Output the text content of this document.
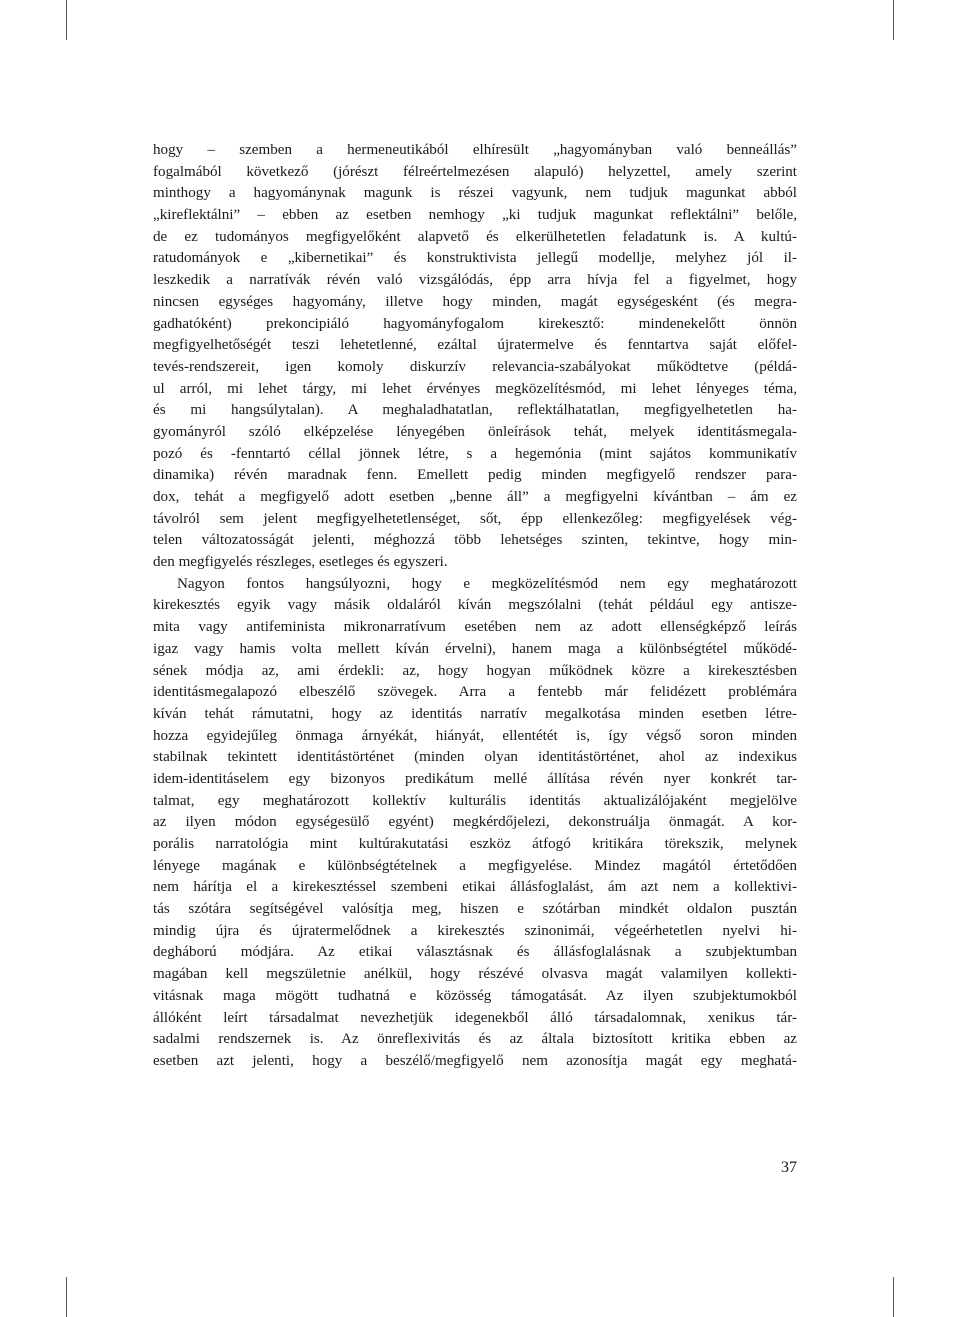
hogy – szemben a hermeneutikából elhíresült „hagyományban való benneállás”
fogalmából következő (jórészt félreértelmezésen alapuló) helyzettel, amely szerint
minthogy a hagyománynak magunk is részei vagyunk, nem tudjuk magunkat abból
„kireflektálni” – ebben az esetben nemhogy „ki tudjuk magunkat reflektálni” belőle,
de ez tudományos megfigyelőként alapvető és elkerülhetetlen feladatunk is. A kultú-
ratudományok e „kibernetikai” és konstruktivista jellegű modellje, melyhez jól il-
leszkedik a narratívák révén való vizsgálódás, épp arra hívja fel a figyelmet, hogy
nincsen egységes hagyomány, illetve hogy minden, magát egységesként (és megra-
gadhatóként) prekoncipiáló hagyományfogalom kirekesztő: mindenekelőtt önnön
megfigyelhetőségét teszi lehetetlenné, ezáltal újratermelve és fenntartva saját előfel-
tevés-rendszereit, igen komoly diskurzív relevancia-szabályokat működtetve (példá-
ul arról, mi lehet tárgy, mi lehet érvényes megközelítésmód, mi lehet lényeges téma,
és mi hangsúlytalan). A meghaladhatatlan, reflektálhatatlan, megfigyelhetetlen ha-
gyományról szóló elképzelése lényegében önleírások tehát, melyek identitásmegala-
pozó és -fenntartó céllal jönnek létre, s a hegemónia (mint sajátos kommunikatív
dinamika) révén maradnak fenn. Emellett pedig minden megfigyelő rendszer para-
dox, tehát a megfigyelő adott esetben „benne áll” a megfigyelni kívántban – ám ez
távolról sem jelent megfigyelhetetlenséget, sőt, épp ellenkezőleg: megfigyelések vég-
telen változatosságát jelenti, méghozzá több lehetséges szinten, tekintve, hogy min-
den megfigyelés részleges, esetleges és egyszeri.
Nagyon fontos hangsúlyozni, hogy e megközelítésmód nem egy meghatározott
kirekesztés egyik vagy másik oldaláról kíván megszólalni (tehát például egy antisze-
mita vagy antifeminista mikronarratívum esetében nem az adott ellenségképző leírás
igaz vagy hamis volta mellett kíván érvelni), hanem maga a különbségtétel működé-
sének módja az, ami érdekli: az, hogy hogyan működnek közre a kirekesztésben
identitásmegalapozó elbeszélő szövegek. Arra a fentebb már felidézett problémára
kíván tehát rámutatni, hogy az identitás narratív megalkotása minden esetben létre-
hozza egyidejűleg önmaga árnyékát, hiányát, ellentétét is, így végső soron minden
stabilnak tekintett identitástörténet (minden olyan identitástörténet, ahol az indexikus
idem-identitáselem egy bizonyos predikátum mellé állítása révén nyer konkrét tar-
talmat, egy meghatározott kollektív kulturális identitás aktualizálójaként megjelölve
az ilyen módon egységesülő egyént) megkérdőjelezi, dekonstruálja önmagát. A kor-
porális narratológia mint kultúrakutatási eszköz átfogó kritikára törekszik, melynek
lényege magának e különbségtételnek a megfigyelése. Mindez magától értetődően
nem hárítja el a kirekesztéssel szembeni etikai állásfoglalást, ám azt nem a kollektivi-
tás szótára segítségével valósítja meg, hiszen e szótárban mindkét oldalon pusztán
mindig újra és újratermelődnek a kirekesztés szinonimái, végeérhetetlen nyelvi hi-
degháború módjára. Az etikai választásnak és állásfoglalásnak a szubjektumban
magában kell megszületnie anélkül, hogy részévé olvasva magát valamilyen kollekti-
vitásnak maga mögött tudhatná e közösség támogatását. Az ilyen szubjektumokból
állóként leírt társadalmat nevezhetjük idegenekből álló társadalomnak, xenikus tár-
sadalmi rendszernek is. Az önreflexivitás és az általa biztosított kritika ebben az
esetben azt jelenti, hogy a beszélő/megfigyelő nem azonosítja magát egy meghatá-
37
